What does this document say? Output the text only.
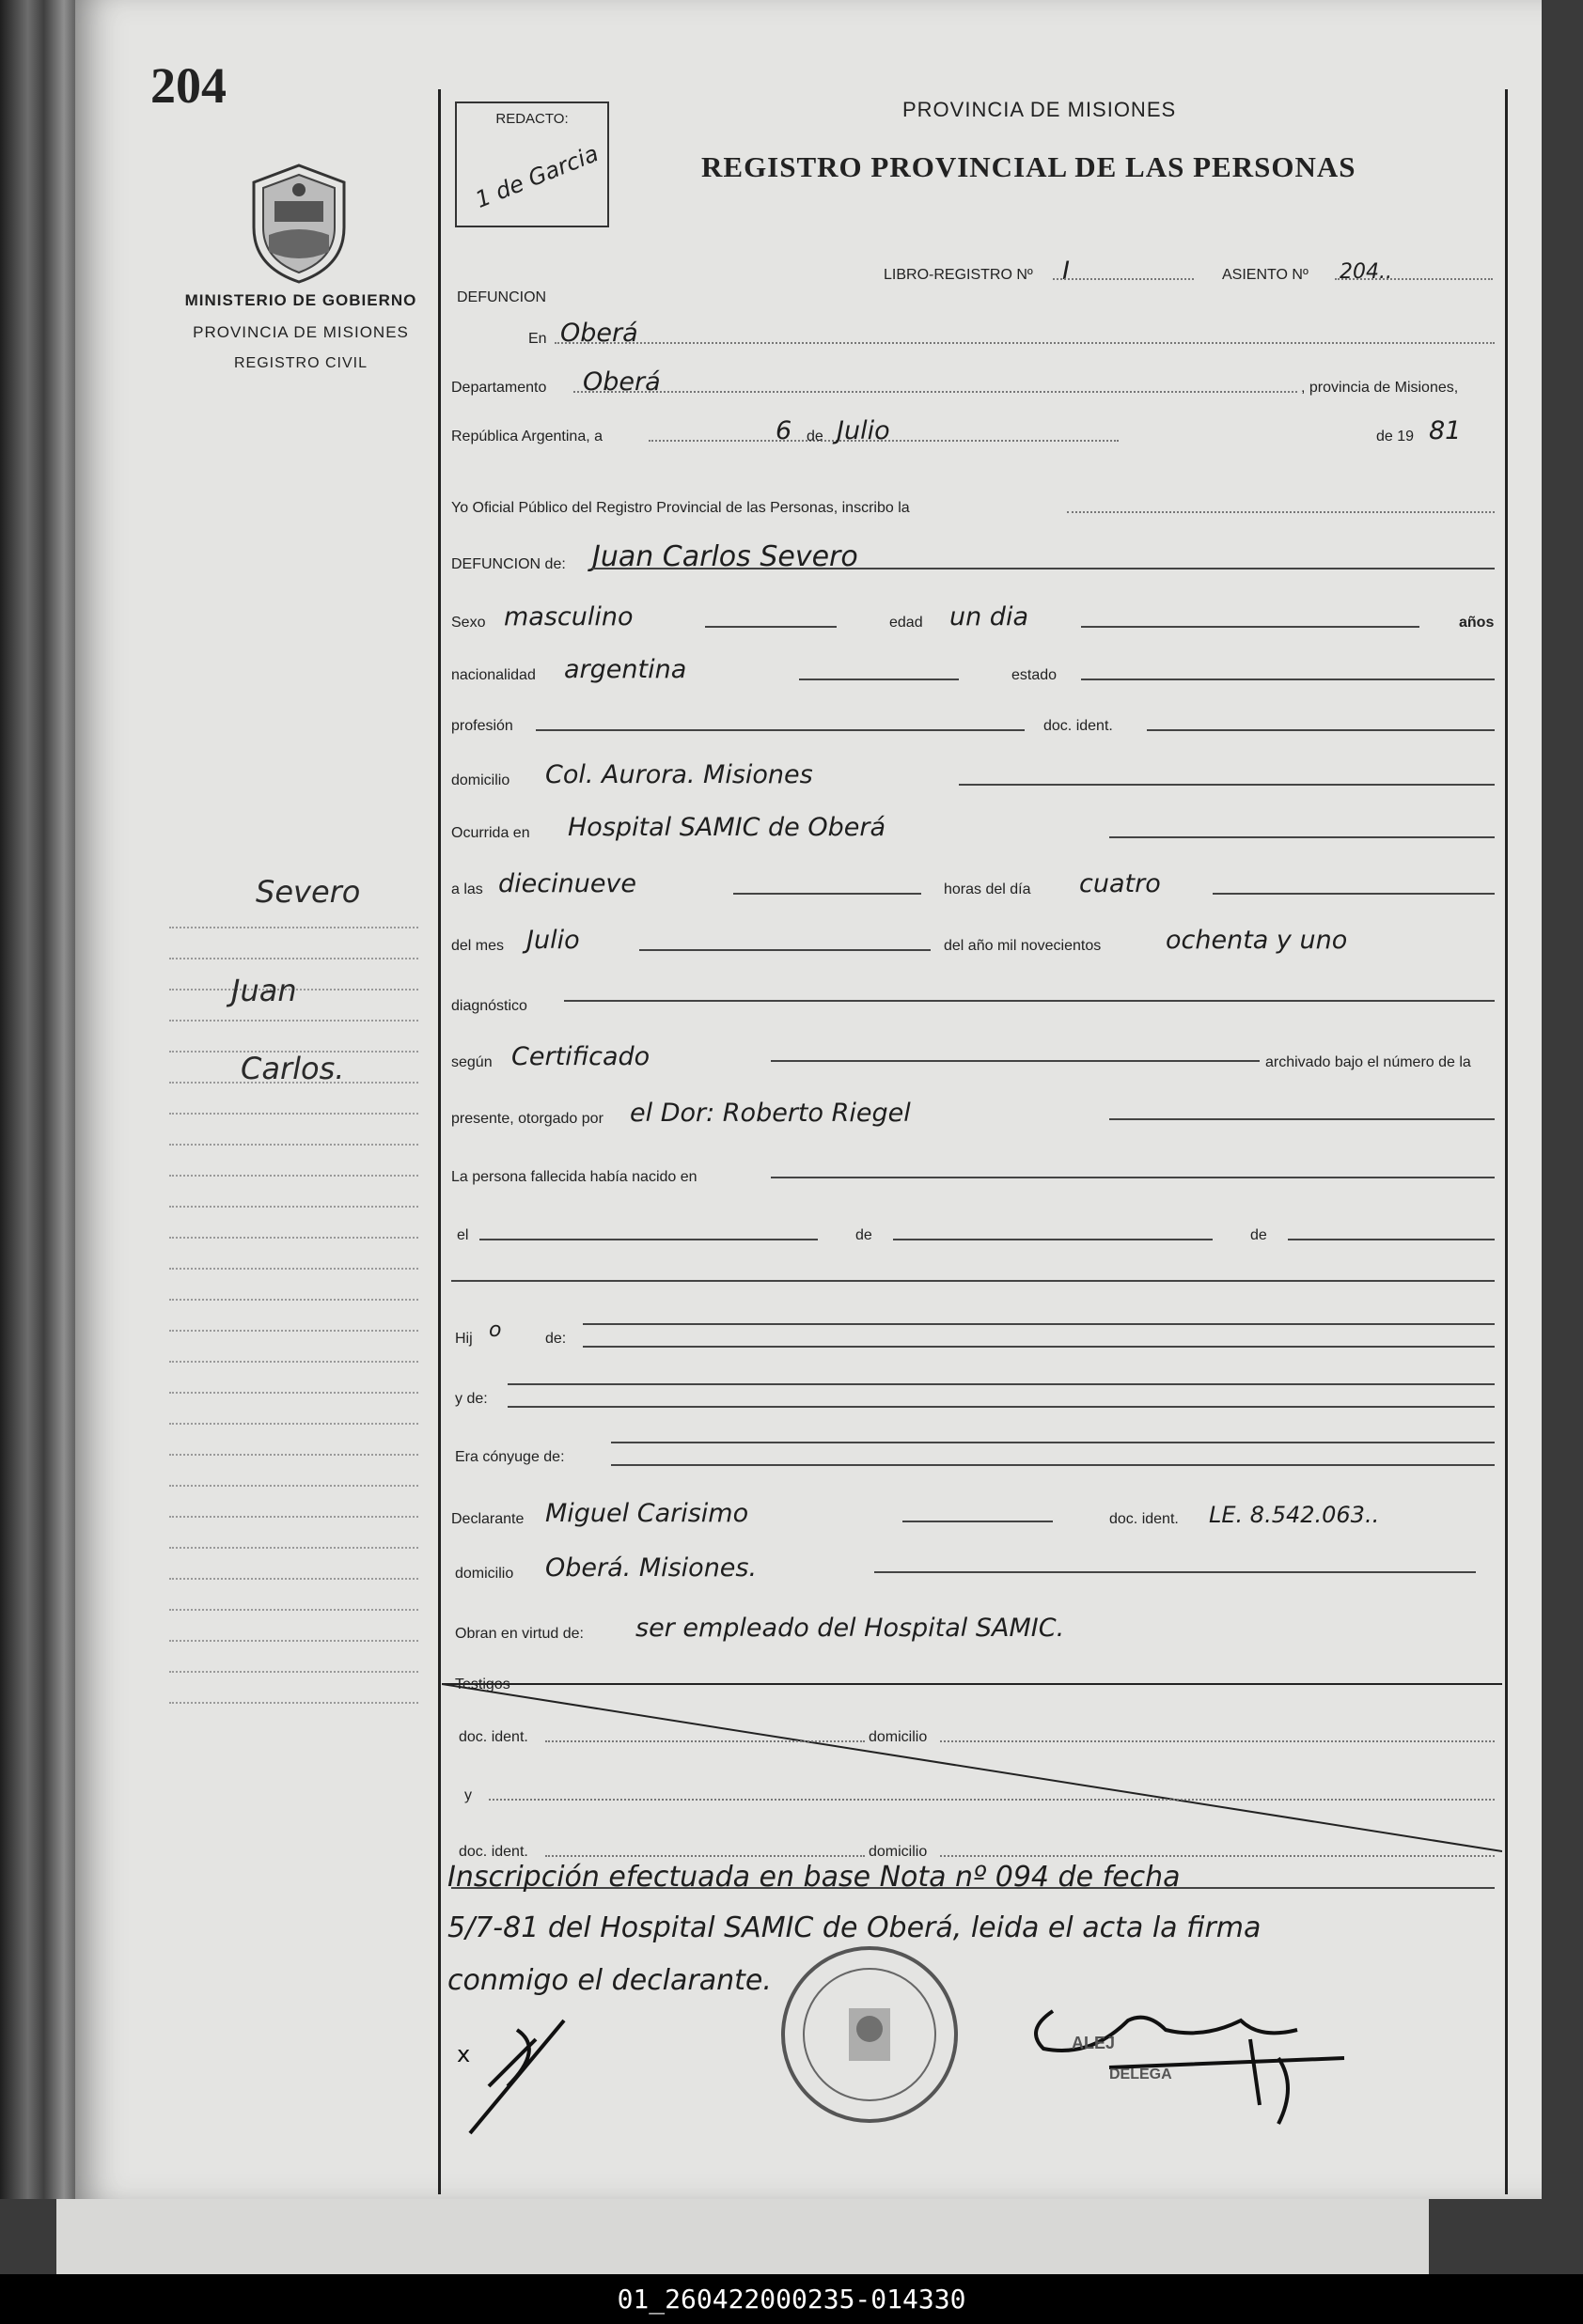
204
MINISTERIO DE GOBIERNO
PROVINCIA DE MISIONES
REGISTRO CIVIL
Severo
Juan
Carlos.
REDACTO:
1 de Garcia
PROVINCIA DE MISIONES
REGISTRO PROVINCIAL DE LAS PERSONAS
LIBRO-REGISTRO Nº I	ASIENTO Nº 204..
DEFUNCION
En Oberá
Departamento Oberá	, provincia de Misiones,
República Argentina, a	6 de Julio	de 19 81
Yo Oficial Público del Registro Provincial de las Personas, inscribo la
DEFUNCION de: Juan Carlos Severo
Sexo masculino	edad un dia	años
nacionalidad argentina	estado
profesión	doc. ident.
domicilio Col. Aurora. Misiones
Ocurrida en Hospital SAMIC de Oberá
a las diecinueve	horas del día cuatro
del mes Julio	del año mil novecientos	ochenta y uno
diagnóstico
según Certificado	archivado bajo el número de la
presente, otorgado por el Dor: Roberto Riegel
La persona fallecida había nacido en
el	de	de
Hij o	de:
y de:
Era cónyuge de:
Declarante Miguel Carisimo	doc. ident. LE. 8.542.063..
domicilio Oberá. Misiones.
Obran en virtud de: ser empleado del Hospital SAMIC.
Testigos
doc. ident.	domicilio
y
doc. ident.	domicilio
Inscripción efectuada en base Nota nº 094 de fecha
5/7-81 del Hospital SAMIC de Oberá, leida el acta la firma
conmigo el declarante.
ALEJ
DELEGA
x
01_260422000235-014330
